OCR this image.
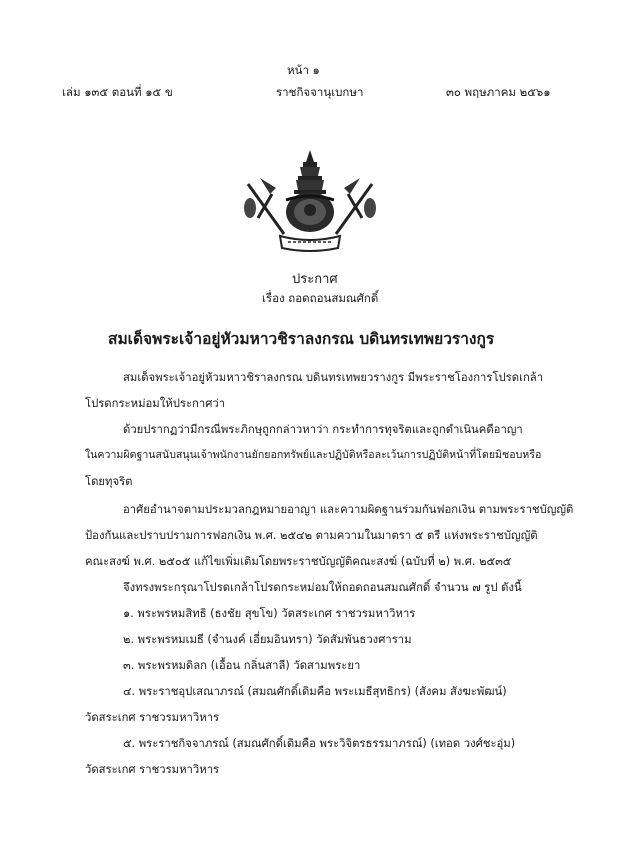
หน้า ๑
เล่ม ๑๓๕ ตอนที่ ๑๕ ข	ราชกิจจานุเบกษา	๓๐ พฤษภาคม ๒๕๖๑
ประกาศ
เรื่อง ถอดถอนสมณศักดิ์
สมเด็จพระเจ้าอยู่หัวมหาวชิราลงกรณ บดินทรเทพยวรางกูร
สมเด็จพระเจ้าอยู่หัวมหาวชิราลงกรณ บดินทรเทพยวรางกูร มีพระราชโองการโปรดเกล้า
โปรดกระหม่อมให้ประกาศว่า
ด้วยปรากฏว่ามีกรณีพระภิกษุถูกกล่าวหาว่า กระทำการทุจริตและถูกดำเนินคดีอาญา
ในความผิดฐานสนับสนุนเจ้าพนักงานยักยอกทรัพย์และปฏิบัติหรือละเว้นการปฏิบัติหน้าที่โดยมิชอบหรือ
โดยทุจริต
อาศัยอำนาจตามประมวลกฎหมายอาญา และความผิดฐานร่วมกันฟอกเงิน ตามพระราชบัญญัติ
ป้องกันและปราบปรามการฟอกเงิน พ.ศ. ๒๕๔๒ ตามความในมาตรา ๕ ตรี แห่งพระราชบัญญัติ
คณะสงฆ์ พ.ศ. ๒๕๐๕ แก้ไขเพิ่มเติมโดยพระราชบัญญัติคณะสงฆ์ (ฉบับที่ ๒) พ.ศ. ๒๕๓๕
จึงทรงพระกรุณาโปรดเกล้าโปรดกระหม่อมให้ถอดถอนสมณศักดิ์ จำนวน ๗ รูป ดังนี้
๑. พระพรหมสิทธิ (ธงชัย สุขโข) วัดสระเกศ ราชวรมหาวิหาร
๒. พระพรหมเมธี (จำนงค์ เอี่ยมอินทรา) วัดสัมพันธวงศาราม
๓. พระพรหมดิลก (เอื้อน กลิ่นสาลี) วัดสามพระยา
๔. พระราชอุปเสณาภรณ์ (สมณศักดิ์เดิมคือ พระเมธีสุทธิกร) (สังคม สังฆะพัฒน์)
วัดสระเกศ ราชวรมหาวิหาร
๕. พระราชกิจจาภรณ์ (สมณศักดิ์เดิมคือ พระวิจิตรธรรมาภรณ์) (เทอด วงศ์ชะอุ่ม)
วัดสระเกศ ราชวรมหาวิหาร
